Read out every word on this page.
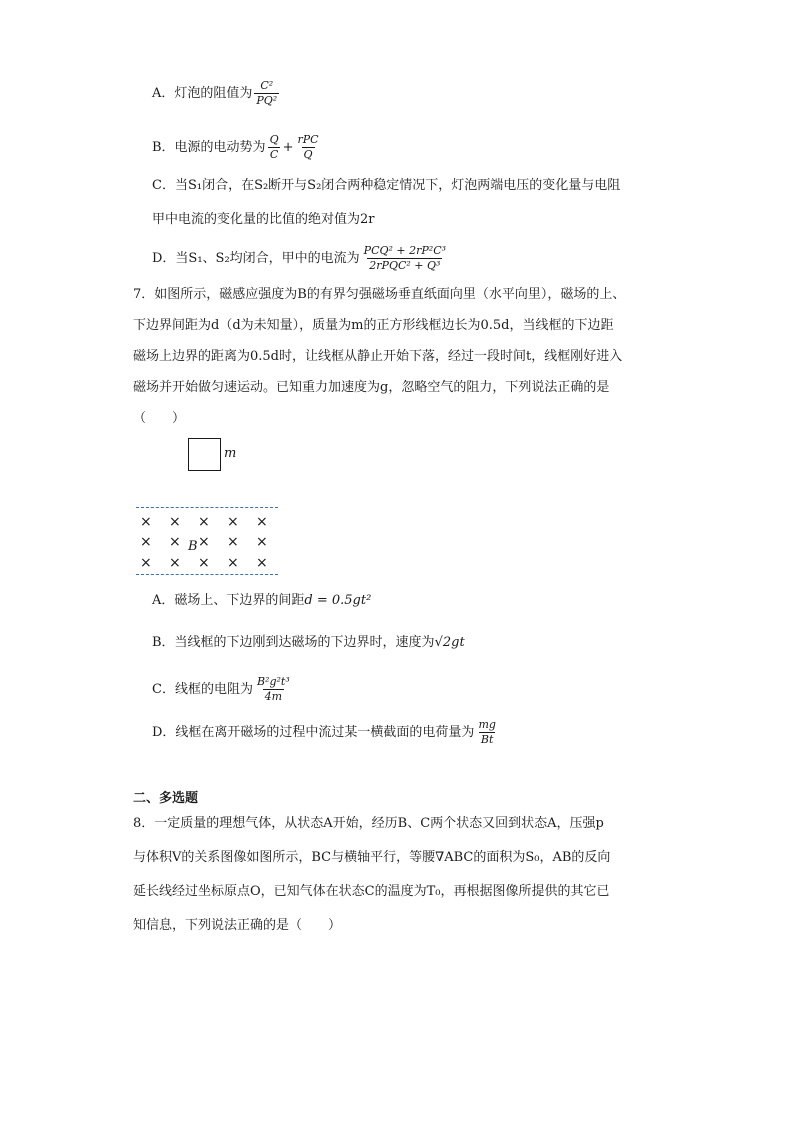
A．灯泡的阻值为 $\frac{\text{C²}}{\text{PQ²}}$
B．电源的电动势为 $\frac{Q}{C} + \frac{\text{rPC}}{Q}$
C．当S₁闭合，在S₂断开与S₂闭合两种稳定情况下，灯泡两端电压的变化量与电阻
甲中电流的变化量的比值的绝对值为2r
D．当S₁、S₂均闭合，甲中的电流为 $\frac{\text{PCQ² + 2rP²C³}}{\text{2rPQC² + Q³}}$
7．如图所示，磁感应强度为B的有界匀强磁场垂直纸面向里（水平向里），磁场的上、
下边界间距为d（d为未知量），质量为m的正方形线框边长为0.5d，当线框的下边距
磁场上边界的距离为0.5d时，让线框从静止开始下落，经过一段时间t，线框刚好进入
磁场并开始做匀速运动。已知重力加速度为g，忽略空气的阻力，下列说法正确的是
（　　）
m
× × × × ×
× × × × ×
× × × × ×
B
A．磁场上、下边界的间距d = 0.5gt²
B．当线框的下边刚到达磁场的下边界时，速度为√2gt
C．线框的电阻为 $\frac{\text{B²g²t³}}{4m}$
D．线框在离开磁场的过程中流过某一横截面的电荷量为 $\frac{mg}{Bt}$
二、多选题
8．一定质量的理想气体，从状态A开始，经历B、C两个状态又回到状态A，压强p
与体积V的关系图像如图所示，BC与横轴平行，等腰∇ABC的面积为S₀，AB的反向
延长线经过坐标原点O，已知气体在状态C的温度为T₀，再根据图像所提供的其它已
知信息，下列说法正确的是（　　）
